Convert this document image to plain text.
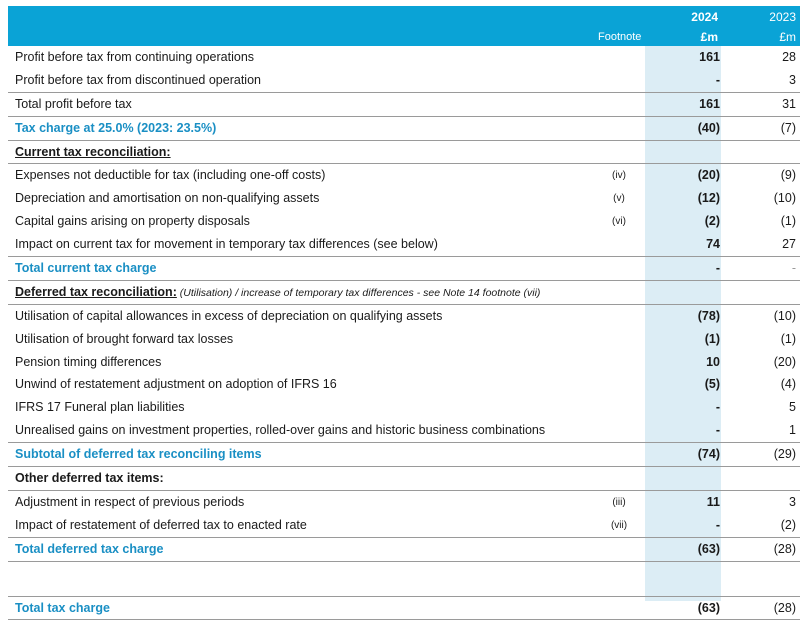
Footnote
2024	2023
£m	£m
Profit before tax from continuing operations	161	28
Profit before tax from discontinued operation	-	3
Total profit before tax	161	31
Tax charge at 25.0% (2023: 23.5%)	(40)	(7)
Current tax reconciliation:
Expenses not deductible for tax (including one-off costs)	(iv)	(20)	(9)
Depreciation and amortisation on non-qualifying assets	(v)	(12)	(10)
Capital gains arising on property disposals	(vi)	(2)	(1)
Impact on current tax for movement in temporary tax differences (see below)	74	27
Total current tax charge	-	-
Deferred tax reconciliation: (Utilisation) / increase of temporary tax differences - see Note 14 footnote (vii)
Utilisation of capital allowances in excess of depreciation on qualifying assets	(78)	(10)
Utilisation of brought forward tax losses	(1)	(1)
Pension timing differences	10	(20)
Unwind of restatement adjustment on adoption of IFRS 16	(5)	(4)
IFRS 17 Funeral plan liabilities	-	5
Unrealised gains on investment properties, rolled-over gains and historic business combinations	-	1
Subtotal of deferred tax reconciling items	(74)	(29)
Other deferred tax items:
Adjustment in respect of previous periods	(iii)	11	3
Impact of restatement of deferred tax to enacted rate	(vii)	-	(2)
Total deferred tax charge	(63)	(28)
Total tax charge	(63)	(28)
